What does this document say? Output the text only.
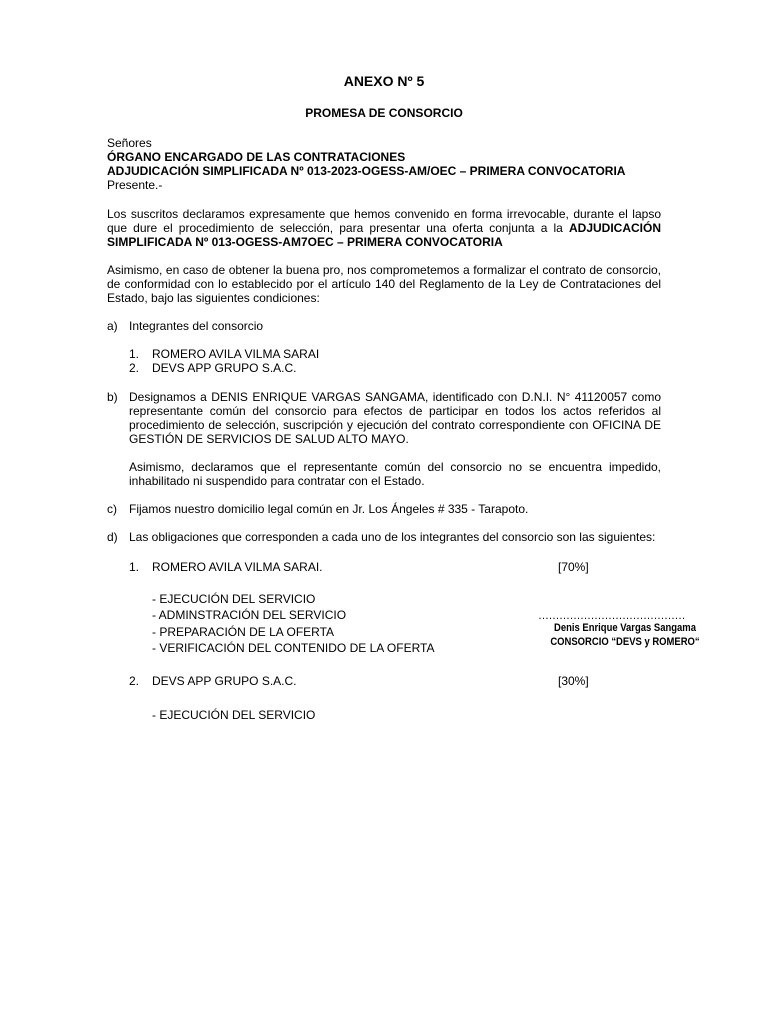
ANEXO Nº 5
PROMESA DE CONSORCIO
Señores
ÓRGANO ENCARGADO DE LAS CONTRATACIONES
ADJUDICACIÓN SIMPLIFICADA Nº 013-2023-OGESS-AM/OEC – PRIMERA CONVOCATORIA
Presente.-
Los suscritos declaramos expresamente que hemos convenido en forma irrevocable, durante el lapso
que dure el procedimiento de selección, para presentar una oferta conjunta a la ADJUDICACIÓN
SIMPLIFICADA Nº 013-OGESS-AM7OEC – PRIMERA CONVOCATORIA
Asimismo, en caso de obtener la buena pro, nos comprometemos a formalizar el contrato de consorcio,
de conformidad con lo establecido por el artículo 140 del Reglamento de la Ley de Contrataciones del
Estado, bajo las siguientes condiciones:
a) Integrantes del consorcio
1. ROMERO AVILA VILMA SARAI
2. DEVS APP GRUPO S.A.C.
b) Designamos a DENIS ENRIQUE VARGAS SANGAMA, identificado con D.N.I. N° 41120057 como
representante común del consorcio para efectos de participar en todos los actos referidos al
procedimiento de selección, suscripción y ejecución del contrato correspondiente con OFICINA DE
GESTIÓN DE SERVICIOS DE SALUD ALTO MAYO.
Asimismo, declaramos que el representante común del consorcio no se encuentra impedido,
inhabilitado ni suspendido para contratar con el Estado.
c) Fijamos nuestro domicilio legal común en Jr. Los Ángeles # 335 - Tarapoto.
d) Las obligaciones que corresponden a cada uno de los integrantes del consorcio son las siguientes:
1. ROMERO AVILA VILMA SARAI.	[70%]
- EJECUCIÓN DEL SERVICIO
- ADMINSTRACIÓN DEL SERVICIO
- PREPARACIÓN DE LA OFERTA
- VERIFICACIÓN DEL CONTENIDO DE LA OFERTA
……………………………………
Denis Enrique Vargas Sangama
CONSORCIO “DEVS y ROMERO“
2. DEVS APP GRUPO S.A.C.	[30%]
- EJECUCIÓN DEL SERVICIO
